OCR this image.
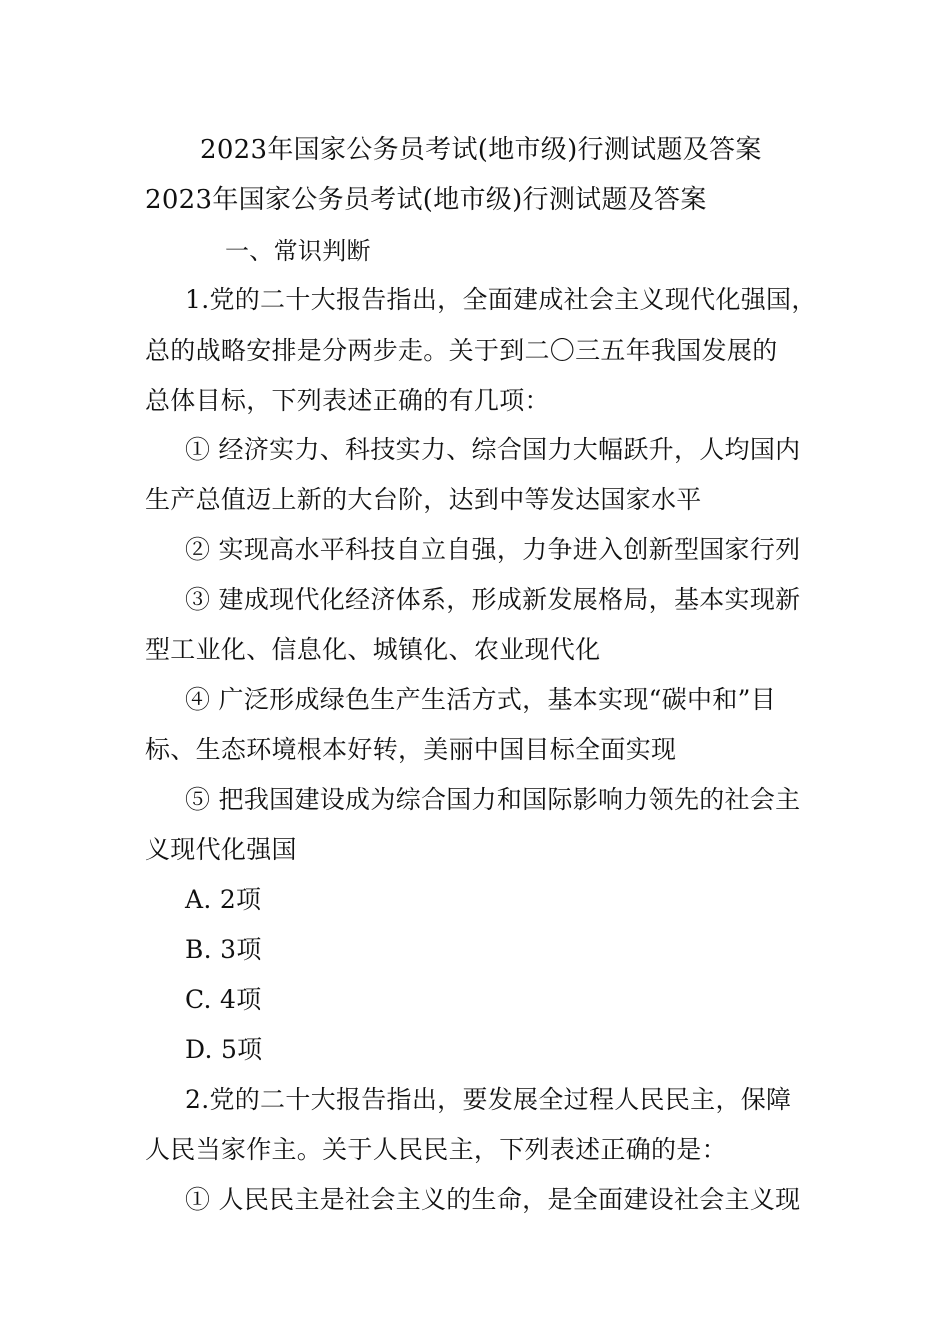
2023年国家公务员考试(地市级)行测试题及答案
2023年国家公务员考试(地市级)行测试题及答案
一、常识判断
1.党的二十大报告指出，全面建成社会主义现代化强国，
总的战略安排是分两步走。关于到二〇三五年我国发展的
总体目标，下列表述正确的有几项：
① 经济实力、科技实力、综合国力大幅跃升，人均国内
生产总值迈上新的大台阶，达到中等发达国家水平
② 实现高水平科技自立自强，力争进入创新型国家行列
③ 建成现代化经济体系，形成新发展格局，基本实现新
型工业化、信息化、城镇化、农业现代化
④ 广泛形成绿色生产生活方式，基本实现“碳中和”目
标、生态环境根本好转，美丽中国目标全面实现
⑤ 把我国建设成为综合国力和国际影响力领先的社会主
义现代化强国
A. 2项
B. 3项
C. 4项
D. 5项
2.党的二十大报告指出，要发展全过程人民民主，保障
人民当家作主。关于人民民主，下列表述正确的是：
① 人民民主是社会主义的生命，是全面建设社会主义现
